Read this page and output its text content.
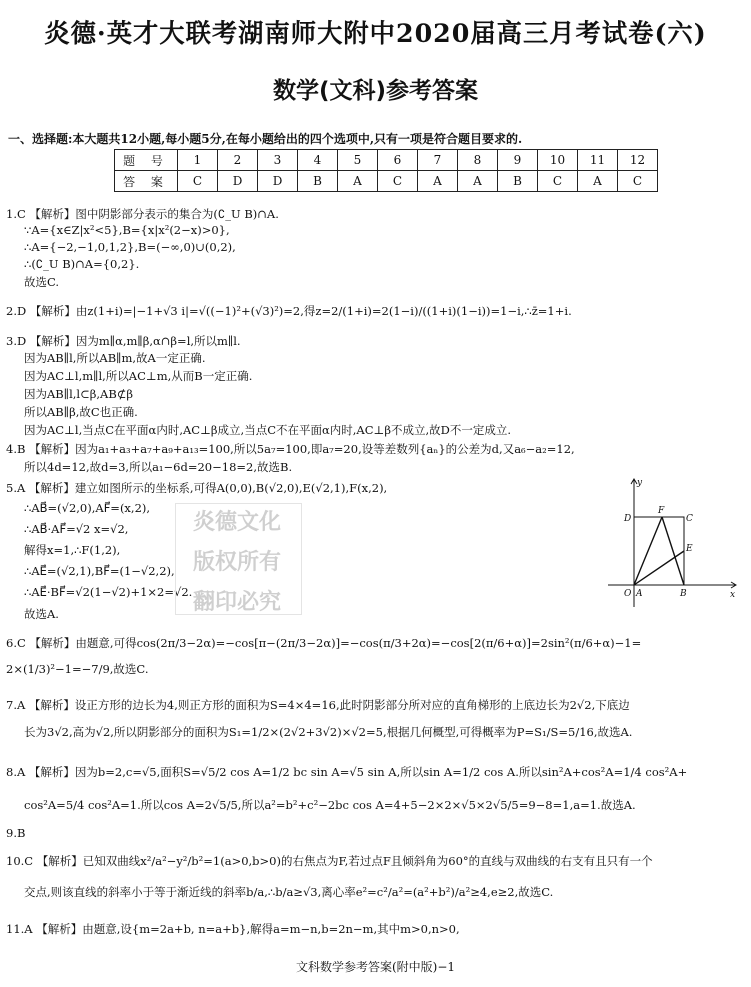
炎德·英才大联考湖南师大附中2020届高三月考试卷(六)
数学(文科)参考答案
一、选择题:本大题共12小题,每小题5分,在每小题给出的四个选项中,只有一项是符合题目要求的.
题 号	1	2	3	4	5	6	7	8	9	10	11	12
答 案	C	D	D	B	A	C	A	A	B	C	A	C
1.C 【解析】图中阴影部分表示的集合为(∁_U B)∩A.
∵A={x∈Z|x²<5},B={x|x²(2−x)>0},
∴A={−2,−1,0,1,2},B=(−∞,0)∪(0,2),
∴(∁_U B)∩A={0,2}.
故选C.
2.D 【解析】由z(1+i)=|−1+√3 i|=√((−1)²+(√3)²)=2,得z=2/(1+i)=2(1−i)/((1+i)(1−i))=1−i,∴z̄=1+i.
3.D 【解析】因为m∥α,m∥β,α∩β=l,所以m∥l.
因为AB∥l,所以AB∥m,故A一定正确.
因为AC⊥l,m∥l,所以AC⊥m,从而B一定正确.
因为AB∥l,l⊂β,AB⊄β
所以AB∥β,故C也正确.
因为AC⊥l,当点C在平面α内时,AC⊥β成立,当点C不在平面α内时,AC⊥β不成立,故D不一定成立.
4.B 【解析】因为a₁+a₃+a₇+a₉+a₁₃=100,所以5a₇=100,即a₇=20,设等差数列{aₙ}的公差为d,又a₆−a₂=12,
所以4d=12,故d=3,所以a₁−6d=20−18=2,故选B.
5.A 【解析】建立如图所示的坐标系,可得A(0,0),B(√2,0),E(√2,1),F(x,2),
∴AB⃗=(√2,0),AF⃗=(x,2),
∴AB⃗·AF⃗=√2 x=√2,
解得x=1,∴F(1,2),
∴AE⃗=(√2,1),BF⃗=(1−√2,2),
∴AE⃗·BF⃗=√2(1−√2)+1×2=√2.
故选A.
炎德文化
版权所有
翻印必究
y
x
D
F
C
E
O A	B
6.C 【解析】由题意,可得cos(2π/3−2α)=−cos[π−(2π/3−2α)]=−cos(π/3+2α)=−cos[2(π/6+α)]=2sin²(π/6+α)−1=
2×(1/3)²−1=−7/9,故选C.
7.A 【解析】设正方形的边长为4,则正方形的面积为S=4×4=16,此时阴影部分所对应的直角梯形的上底边长为2√2,下底边
长为3√2,高为√2,所以阴影部分的面积为S₁=1/2×(2√2+3√2)×√2=5,根据几何概型,可得概率为P=S₁/S=5/16,故选A.
8.A 【解析】因为b=2,c=√5,面积S=√5/2 cos A=1/2 bc sin A=√5 sin A,所以sin A=1/2 cos A.所以sin²A+cos²A=1/4 cos²A+
cos²A=5/4 cos²A=1.所以cos A=2√5/5,所以a²=b²+c²−2bc cos A=4+5−2×2×√5×2√5/5=9−8=1,a=1.故选A.
9.B
10.C 【解析】已知双曲线x²/a²−y²/b²=1(a>0,b>0)的右焦点为F,若过点F且倾斜角为60°的直线与双曲线的右支有且只有一个
交点,则该直线的斜率小于等于渐近线的斜率b/a,∴b/a≥√3,离心率e²=c²/a²=(a²+b²)/a²≥4,e≥2,故选C.
11.A 【解析】由题意,设{m=2a+b, n=a+b},解得a=m−n,b=2n−m,其中m>0,n>0,
文科数学参考答案(附中版)−1
